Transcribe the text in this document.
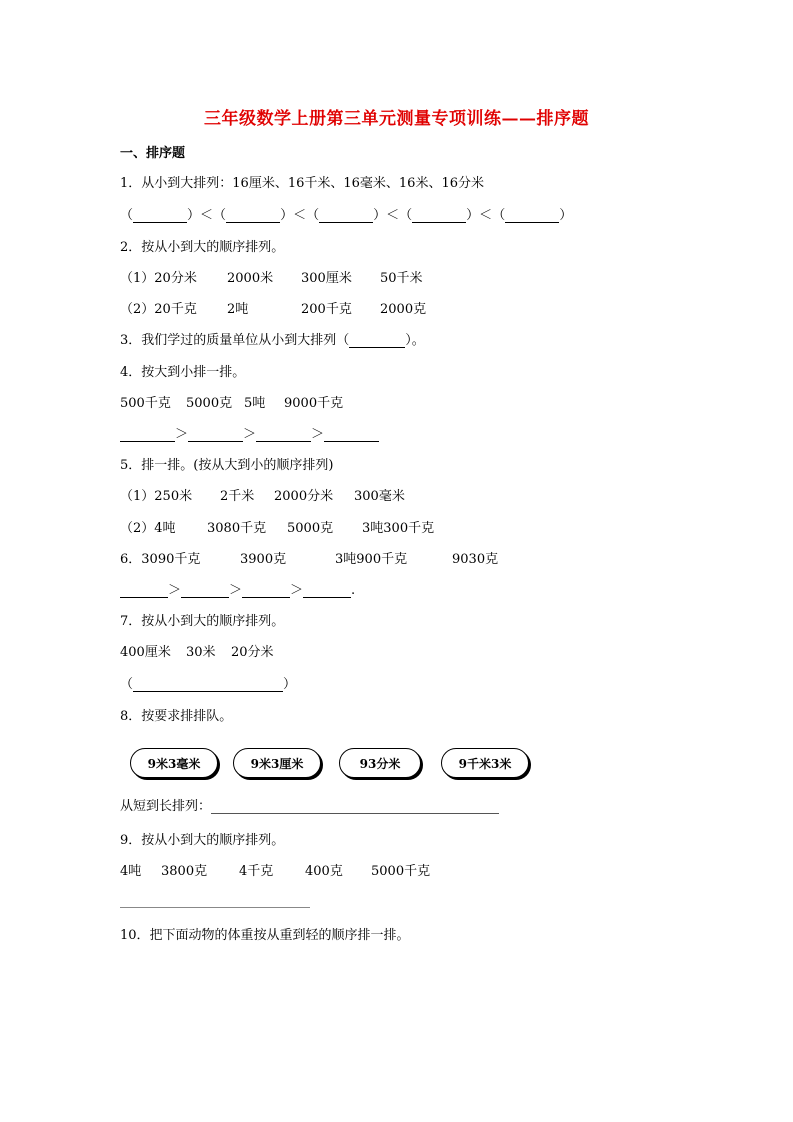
三年级数学上册第三单元测量专项训练——排序题
一、排序题
1．从小到大排列：16厘米、16千米、16毫米、16米、16分米
（	） ＜ （	） ＜ （	） ＜ （	） ＜ （	）
2．按从小到大的顺序排列。
（1）20分米 2000米 300厘米 50千米
（2）20千克 2吨	200千克 2000克
3．我们学过的质量单位从小到大排列（	）。
4．按大到小排一排。
500千克 5000克 5吨 9000千克
＞	＞	＞
5．排一排。(按从大到小的顺序排列)
（1）250米 2千米 2000分米 300毫米
（2）4吨 3080千克 5000克 3吨300千克
6．3090千克	3900克	3吨900千克	9030克
＞	＞	＞	.
7．按从小到大的顺序排列。
400厘米 30米 20分米
（	）
8．按要求排排队。
9米3毫米	9米3厘米	93分米	9千米3米
从短到长排列：
9．按从小到大的顺序排列。
4吨 3800克 4千克 400克 5000千克
10．把下面动物的体重按从重到轻的顺序排一排。
